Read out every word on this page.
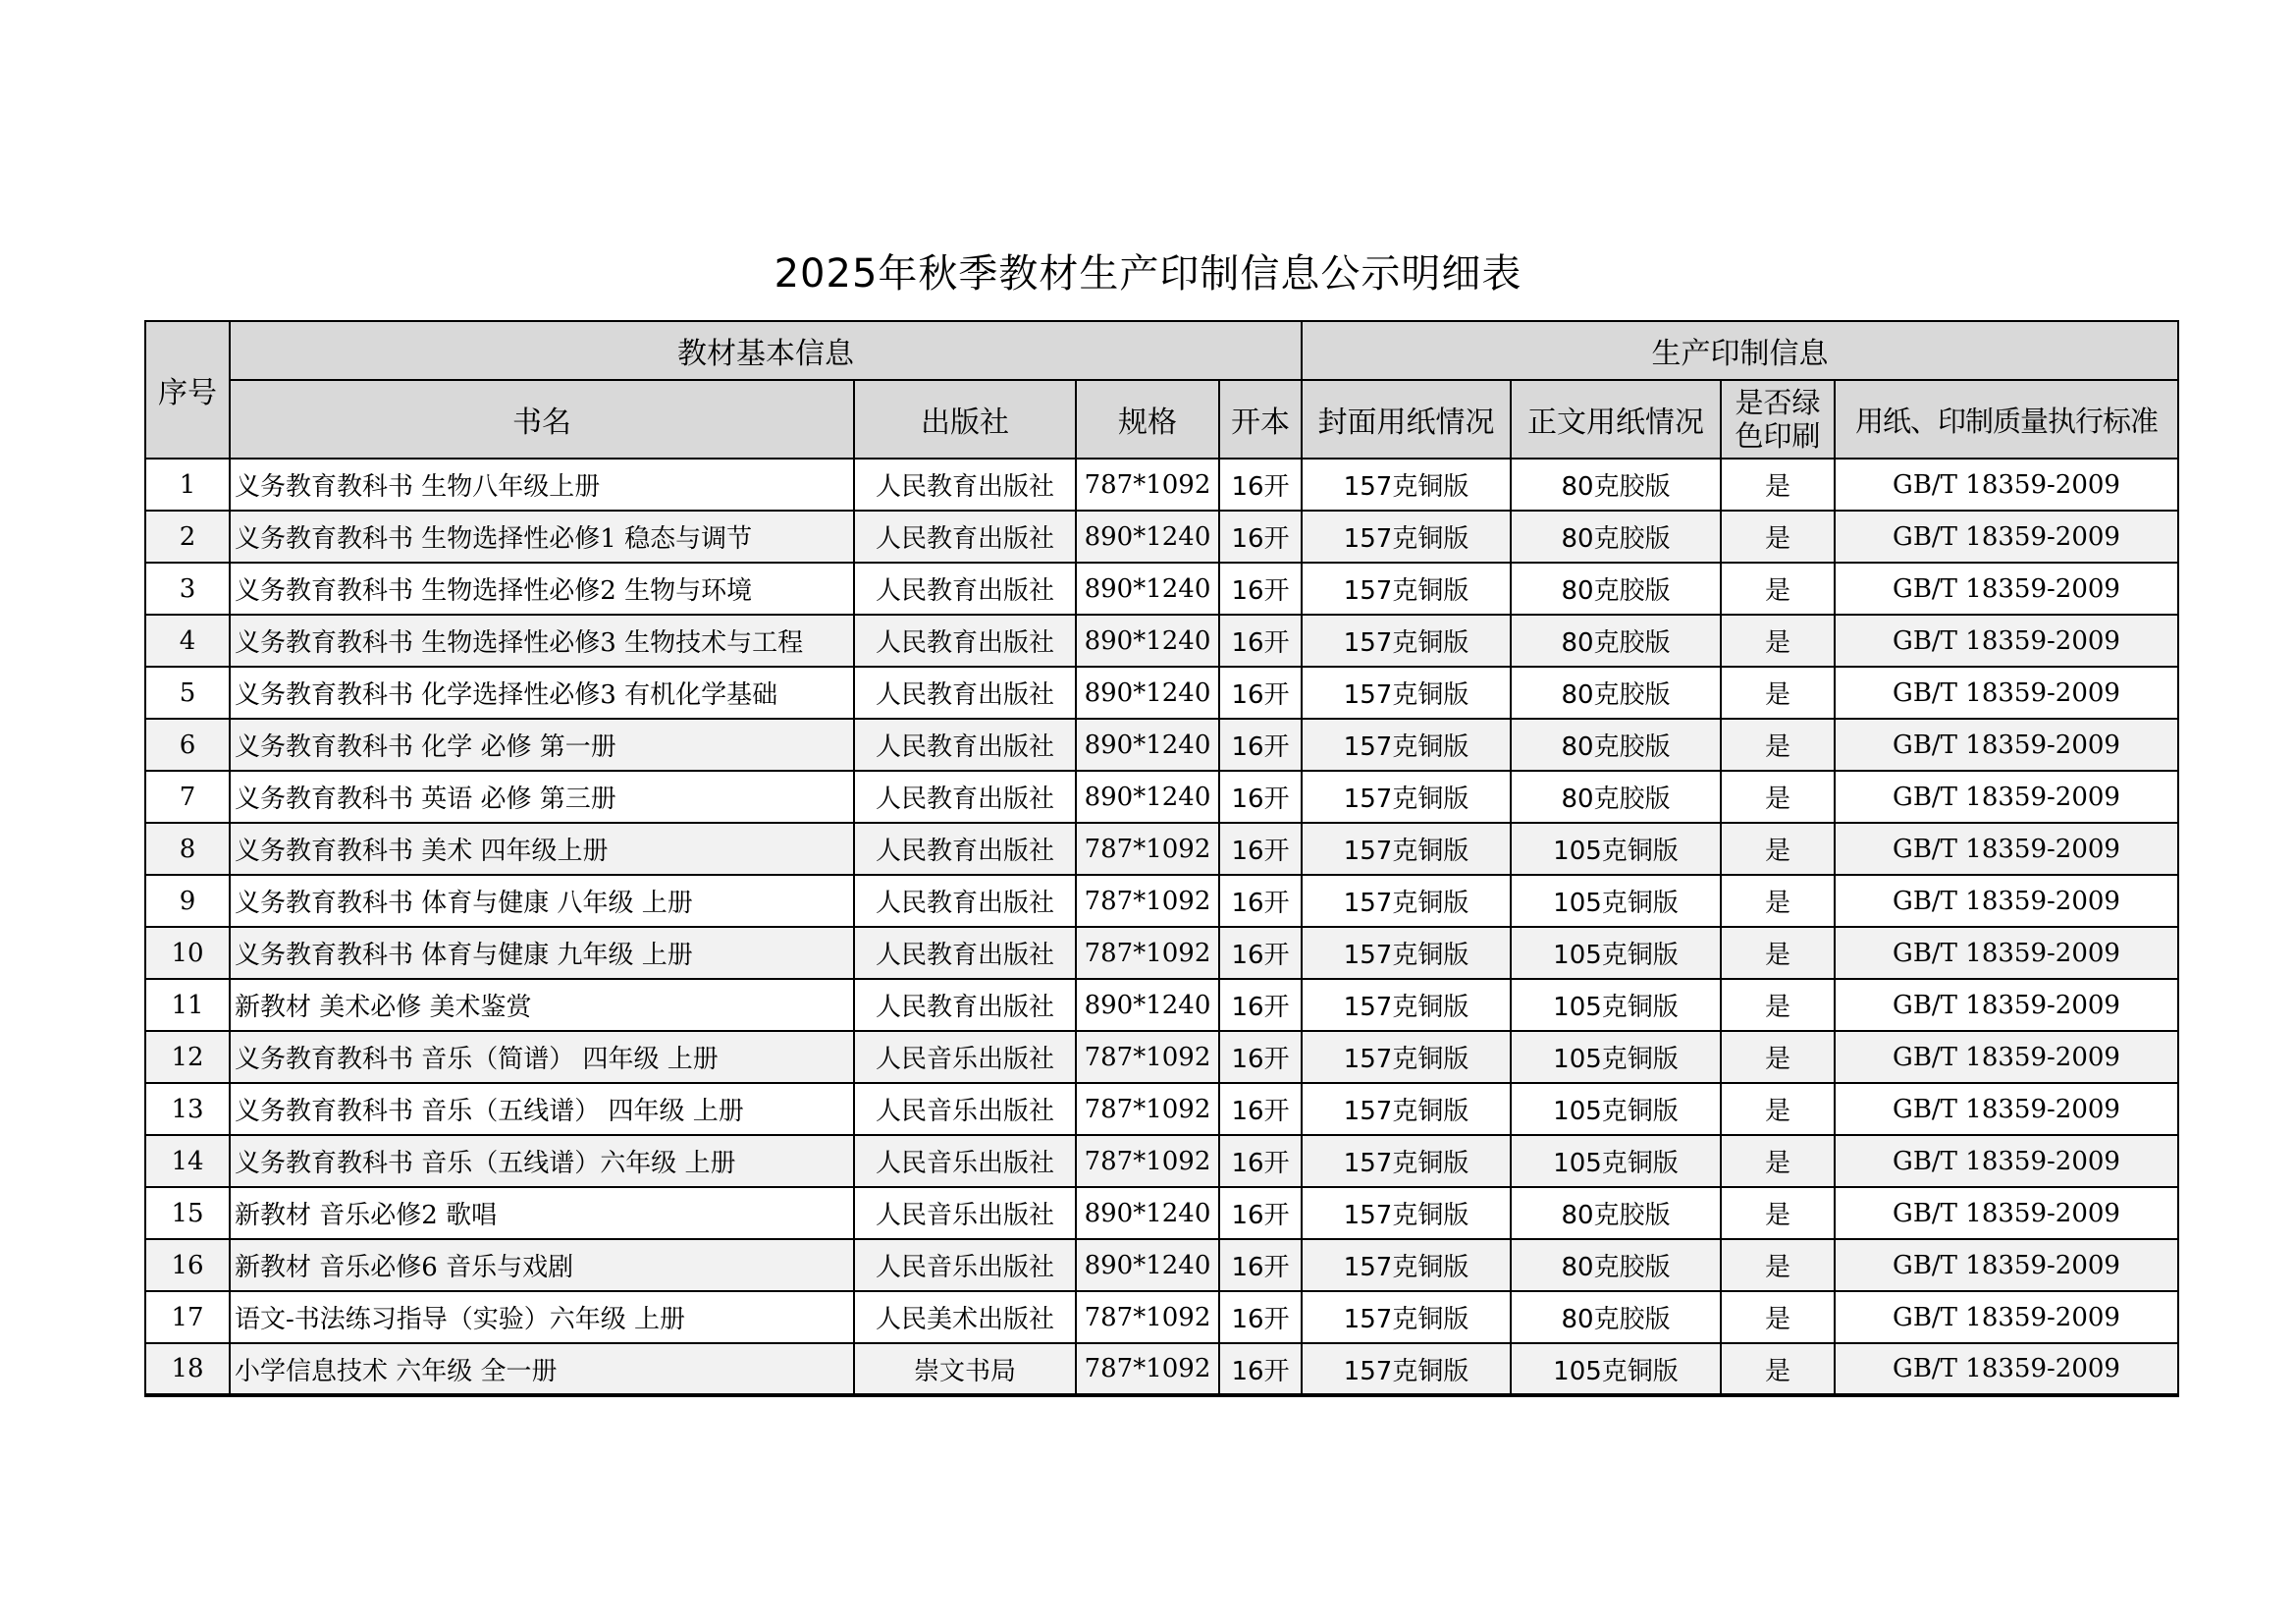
2025年秋季教材生产印制信息公示明细表
序号	教材基本信息				生产印制信息			
	书名	出版社	规格	开本	封面用纸情况	正文用纸情况	是否绿色印刷	用纸、印制质量执行标准
1	义务教育教科书 生物八年级上册	人民教育出版社	787*1092	16开	157克铜版	80克胶版	是	GB/T 18359-2009
2	义务教育教科书 生物选择性必修1 稳态与调节	人民教育出版社	890*1240	16开	157克铜版	80克胶版	是	GB/T 18359-2009
3	义务教育教科书 生物选择性必修2 生物与环境	人民教育出版社	890*1240	16开	157克铜版	80克胶版	是	GB/T 18359-2009
4	义务教育教科书 生物选择性必修3 生物技术与工程	人民教育出版社	890*1240	16开	157克铜版	80克胶版	是	GB/T 18359-2009
5	义务教育教科书 化学选择性必修3 有机化学基础	人民教育出版社	890*1240	16开	157克铜版	80克胶版	是	GB/T 18359-2009
6	义务教育教科书 化学 必修 第一册	人民教育出版社	890*1240	16开	157克铜版	80克胶版	是	GB/T 18359-2009
7	义务教育教科书 英语 必修 第三册	人民教育出版社	890*1240	16开	157克铜版	80克胶版	是	GB/T 18359-2009
8	义务教育教科书 美术 四年级上册	人民教育出版社	787*1092	16开	157克铜版	105克铜版	是	GB/T 18359-2009
9	义务教育教科书 体育与健康 八年级 上册	人民教育出版社	787*1092	16开	157克铜版	105克铜版	是	GB/T 18359-2009
10	义务教育教科书 体育与健康 九年级 上册	人民教育出版社	787*1092	16开	157克铜版	105克铜版	是	GB/T 18359-2009
11	新教材 美术必修 美术鉴赏	人民教育出版社	890*1240	16开	157克铜版	105克铜版	是	GB/T 18359-2009
12	义务教育教科书 音乐（简谱） 四年级 上册	人民音乐出版社	787*1092	16开	157克铜版	105克铜版	是	GB/T 18359-2009
13	义务教育教科书 音乐（五线谱） 四年级 上册	人民音乐出版社	787*1092	16开	157克铜版	105克铜版	是	GB/T 18359-2009
14	义务教育教科书 音乐（五线谱）六年级 上册	人民音乐出版社	787*1092	16开	157克铜版	105克铜版	是	GB/T 18359-2009
15	新教材 音乐必修2 歌唱	人民音乐出版社	890*1240	16开	157克铜版	80克胶版	是	GB/T 18359-2009
16	新教材 音乐必修6 音乐与戏剧	人民音乐出版社	890*1240	16开	157克铜版	80克胶版	是	GB/T 18359-2009
17	语文-书法练习指导（实验）六年级 上册	人民美术出版社	787*1092	16开	157克铜版	80克胶版	是	GB/T 18359-2009
18	小学信息技术 六年级 全一册	崇文书局	787*1092	16开	157克铜版	105克铜版	是	GB/T 18359-2009
